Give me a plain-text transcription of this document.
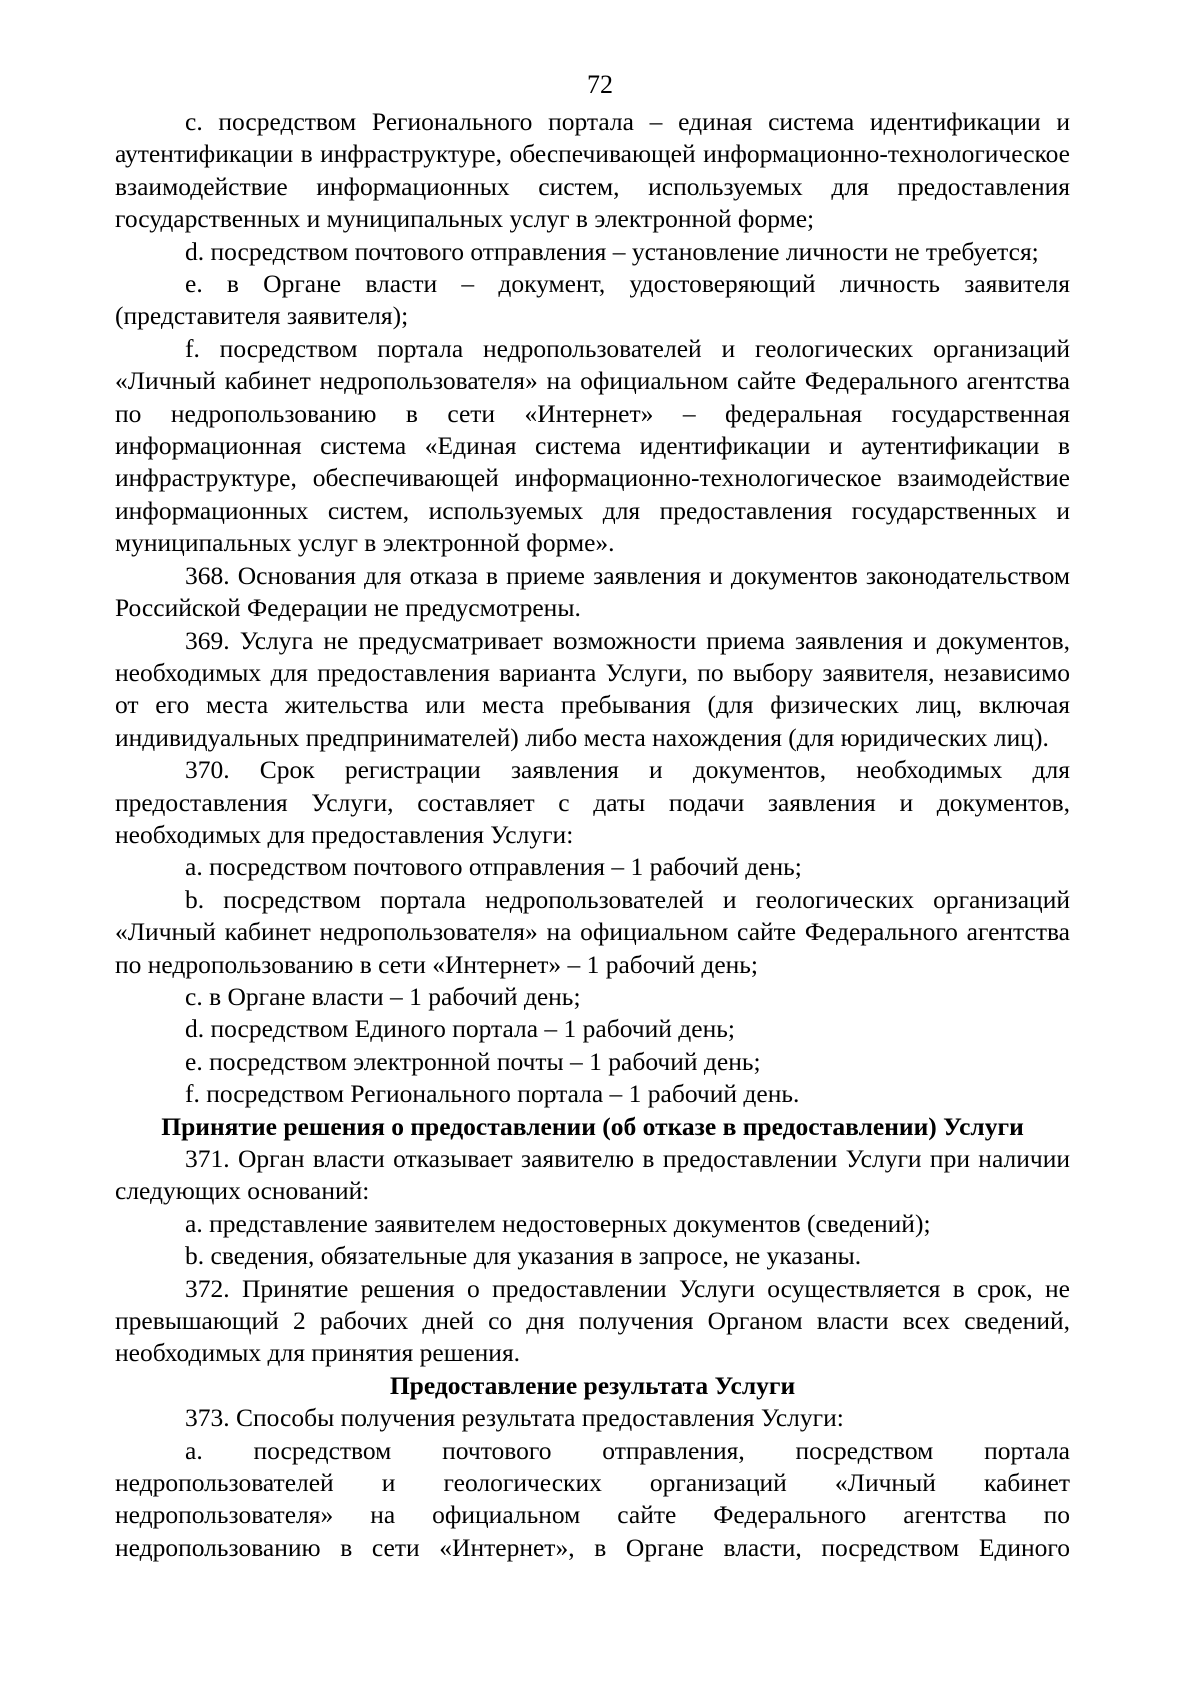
72

c. посредством Регионального портала – единая система идентификации и аутентификации в инфраструктуре, обеспечивающей информационно-технологическое взаимодействие информационных систем, используемых для предоставления государственных и муниципальных услуг в электронной форме;

d. посредством почтового отправления – установление личности не требуется;

e. в Органе власти – документ, удостоверяющий личность заявителя (представителя заявителя);

f. посредством портала недропользователей и геологических организаций «Личный кабинет недропользователя» на официальном сайте Федерального агентства по недропользованию в сети «Интернет» – федеральная государственная информационная система «Единая система идентификации и аутентификации в инфраструктуре, обеспечивающей информационно-технологическое взаимодействие информационных систем, используемых для предоставления государственных и муниципальных услуг в электронной форме».

368. Основания для отказа в приеме заявления и документов законодательством Российской Федерации не предусмотрены.

369. Услуга не предусматривает возможности приема заявления и документов, необходимых для предоставления варианта Услуги, по выбору заявителя, независимо от его места жительства или места пребывания (для физических лиц, включая индивидуальных предпринимателей) либо места нахождения (для юридических лиц).

370. Срок регистрации заявления и документов, необходимых для предоставления Услуги, составляет с даты подачи заявления и документов, необходимых для предоставления Услуги:

a. посредством почтового отправления – 1 рабочий день;

b. посредством портала недропользователей и геологических организаций «Личный кабинет недропользователя» на официальном сайте Федерального агентства по недропользованию в сети «Интернет» – 1 рабочий день;

c. в Органе власти – 1 рабочий день;

d. посредством Единого портала – 1 рабочий день;

e. посредством электронной почты – 1 рабочий день;

f. посредством Регионального портала – 1 рабочий день.

Принятие решения о предоставлении (об отказе в предоставлении) Услуги

371. Орган власти отказывает заявителю в предоставлении Услуги при наличии следующих оснований:

a. представление заявителем недостоверных документов (сведений);

b. сведения, обязательные для указания в запросе, не указаны.

372. Принятие решения о предоставлении Услуги осуществляется в срок, не превышающий 2 рабочих дней со дня получения Органом власти всех сведений, необходимых для принятия решения.

Предоставление результата Услуги

373. Способы получения результата предоставления Услуги:

a. посредством почтового отправления, посредством портала недропользователей и геологических организаций «Личный кабинет недропользователя» на официальном сайте Федерального агентства по недропользованию в сети «Интернет», в Органе власти, посредством Единого
